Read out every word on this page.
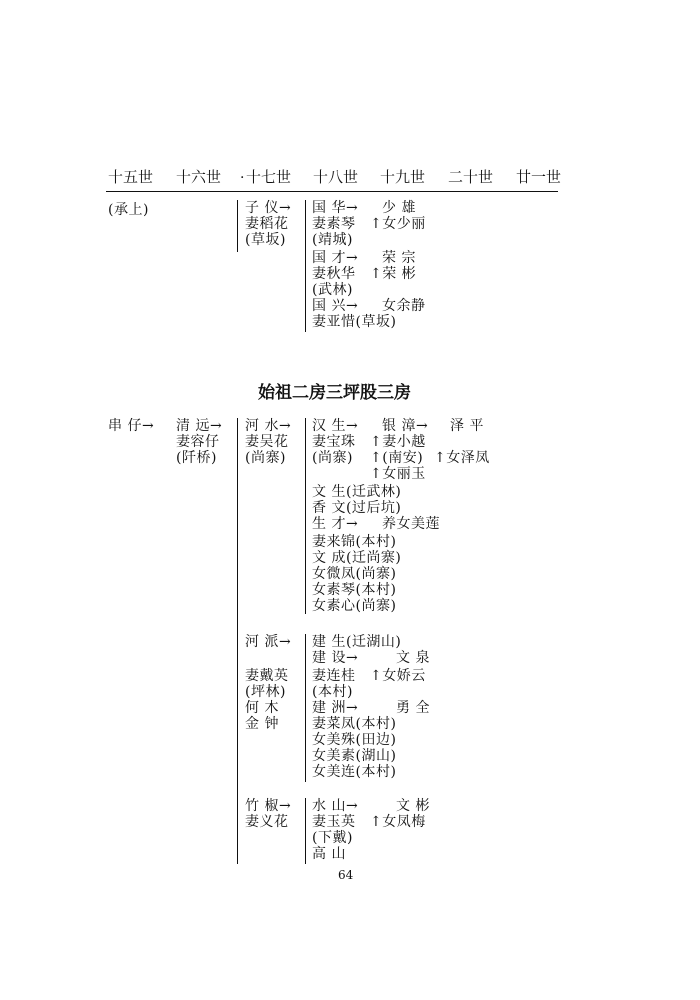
十五世 十六世 · 十七世 十八世 十九世 二十世 廿一世
(承上)	子 仪→
妻稻花
(草坂)
国 华→
妻素琴
(靖城)
国 才→
妻秋华
(武林)
国 兴→
妻亚惜(草坂)
少 雄
↑女少丽
荣 宗
↑荣 彬
女余静
始祖二房三坪股三房
串 仔→ 清 远→
妻容仔
(阡桥)
河 水→
妻吴花
(尚寨)
汉 生→
妻宝珠
(尚寨)
文 生(迁武林)
香 文(过后坑)
生 才→
妻来锦(本村)
文 成(迁尚寨)
女微凤(尚寨)
女素琴(本村)
女素心(尚寨)
银 漳→
↑妻小越
↑(南安)
↑女丽玉
养女美莲
泽 平
↑女泽凤
河 派→
妻戴英
(坪林)
何 木
金 钟
建 生(迁湖山)
建 设→
妻连桂
(本村)
建 洲→
妻菜凤(本村)
女美殊(田边)
女美素(湖山)
女美连(本村)
文 泉
↑女娇云
勇 全
竹 椒→
妻义花
水 山→
妻玉英
(下戴)
高 山
文 彬
↑女凤梅
64
